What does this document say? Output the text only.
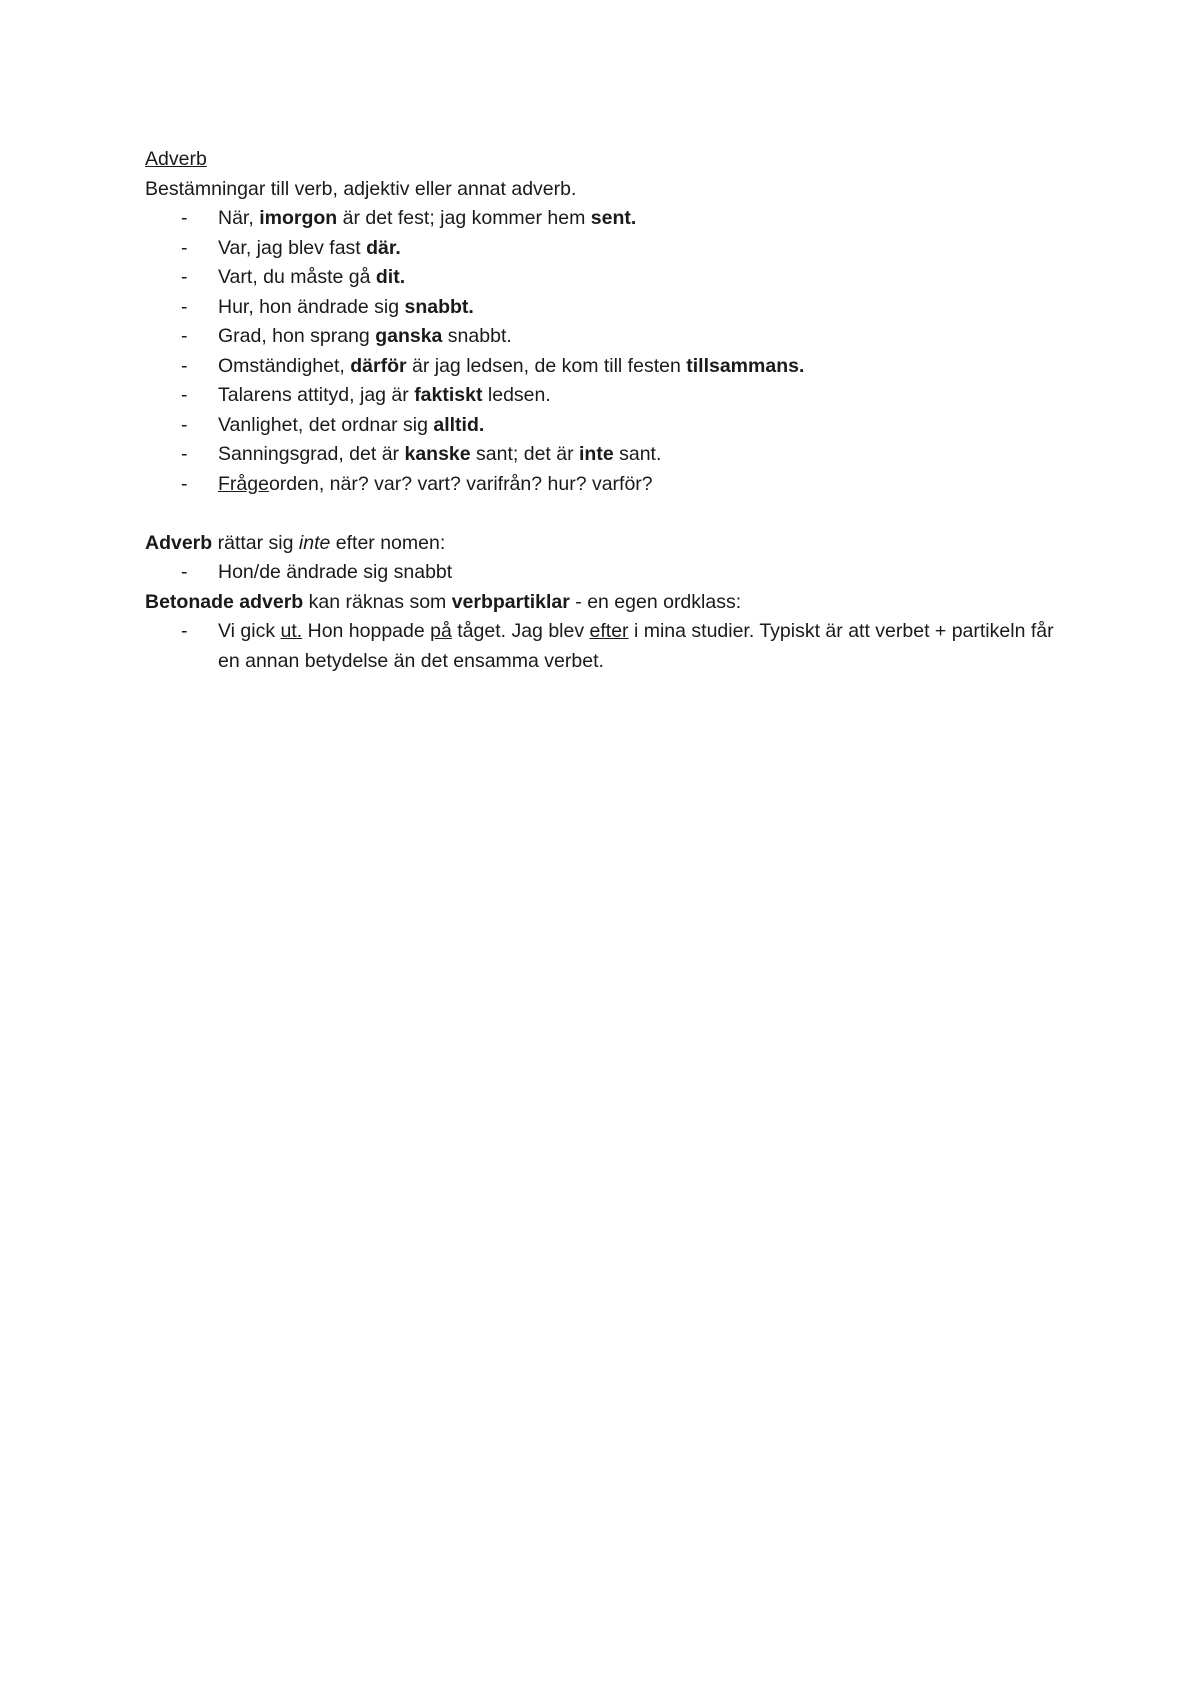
Adverb
Bestämningar till verb, adjektiv eller annat adverb.
- När, imorgon är det fest; jag kommer hem sent.
- Var, jag blev fast där.
- Vart, du måste gå dit.
- Hur, hon ändrade sig snabbt.
- Grad, hon sprang ganska snabbt.
- Omständighet, därför är jag ledsen, de kom till festen tillsammans.
- Talarens attityd, jag är faktiskt ledsen.
- Vanlighet, det ordnar sig alltid.
- Sanningsgrad, det är kanske sant; det är inte sant.
- Frågeorden, när? var? vart? varifrån? hur? varför?
Adverb rättar sig inte efter nomen:
- Hon/de ändrade sig snabbt
Betonade adverb kan räknas som verbpartiklar - en egen ordklass:
- Vi gick ut. Hon hoppade på tåget. Jag blev efter i mina studier. Typiskt är att verbet + partikeln får en annan betydelse än det ensamma verbet.
